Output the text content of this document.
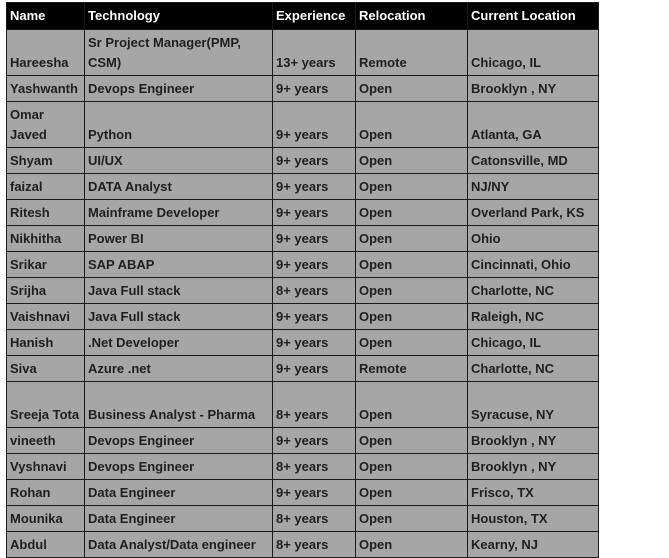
Name	Technology	Experience	Relocation	Current Location
Hareesha	Sr Project Manager(PMP, CSM)	13+ years	Remote	Chicago, IL
Yashwanth	Devops Engineer	9+ years	Open	Brooklyn , NY
Omar Javed	Python	9+ years	Open	Atlanta, GA
Shyam	UI/UX	9+ years	Open	Catonsville, MD
faizal	DATA Analyst	9+ years	Open	NJ/NY
Ritesh	Mainframe Developer	9+ years	Open	Overland Park, KS
Nikhitha	Power BI	9+ years	Open	Ohio
Srikar	SAP ABAP	9+ years	Open	Cincinnati, Ohio
Srijha	Java Full stack	8+ years	Open	Charlotte, NC
Vaishnavi	Java Full stack	9+ years	Open	Raleigh, NC
Hanish	.Net Developer	9+ years	Open	Chicago, IL
Siva	Azure .net	9+ years	Remote	Charlotte, NC
Sreeja Tota	Business Analyst - Pharma	8+ years	Open	Syracuse, NY
vineeth	Devops Engineer	9+ years	Open	Brooklyn , NY
Vyshnavi	Devops Engineer	8+ years	Open	Brooklyn , NY
Rohan	Data Engineer	9+ years	Open	Frisco, TX
Mounika	Data Engineer	8+ years	Open	Houston, TX
Abdul	Data Analyst/Data engineer	8+ years	Open	Kearny, NJ
